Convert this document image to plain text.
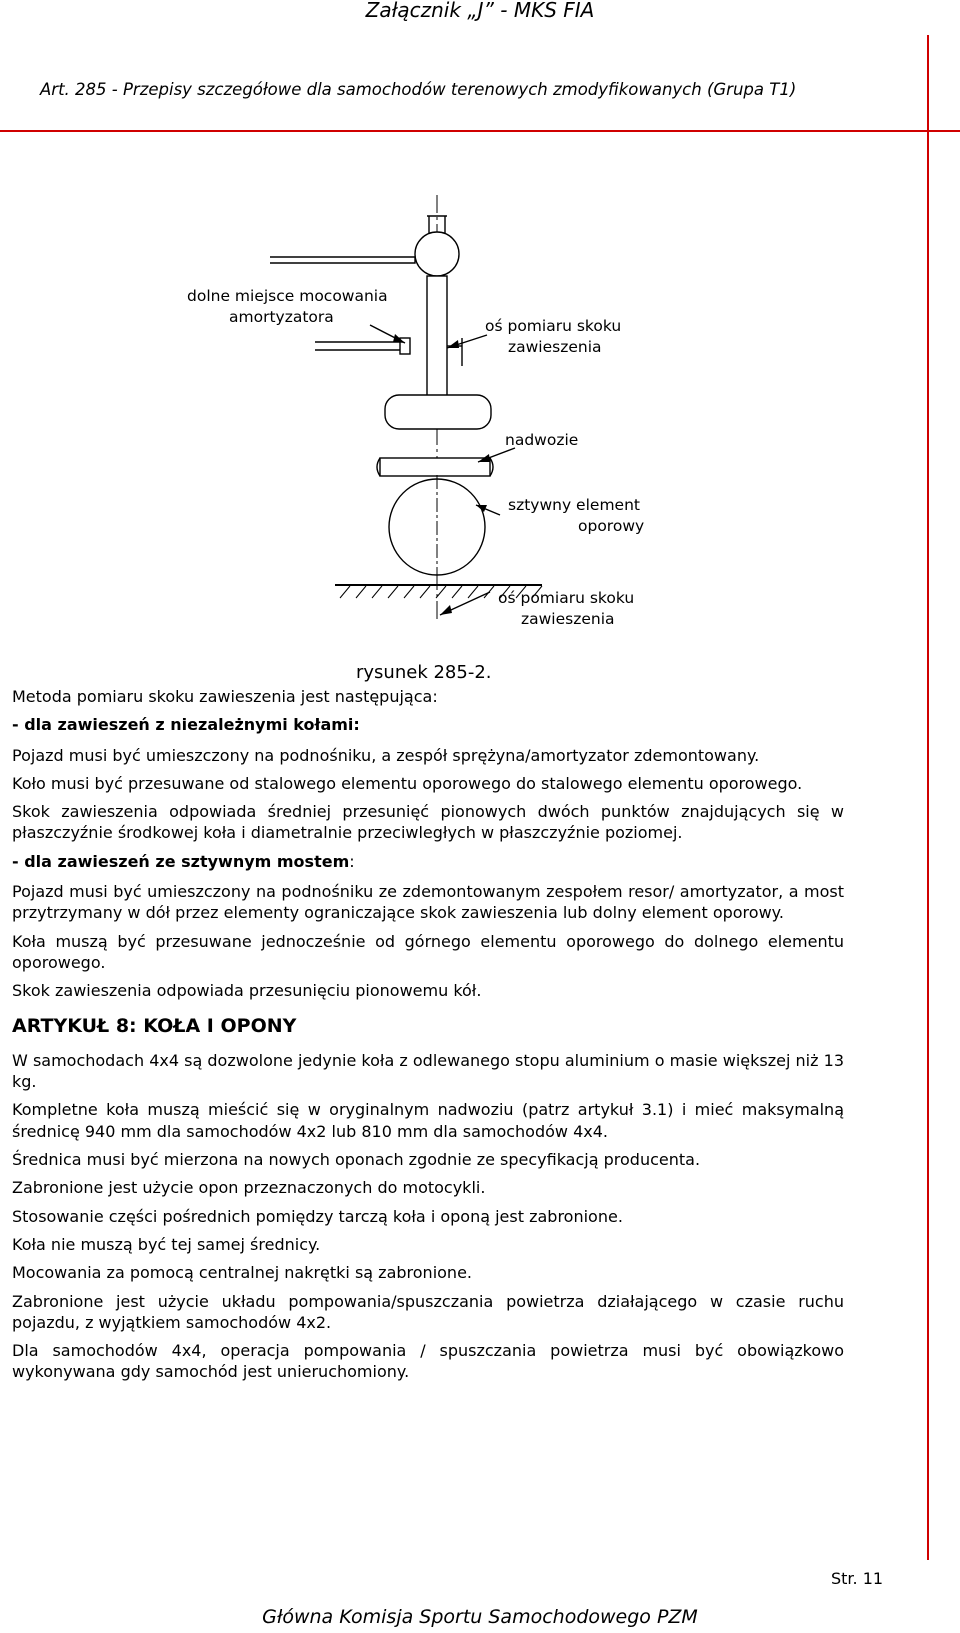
Załącznik „J” - MKS FIA
Art. 285 - Przepisy szczegółowe dla samochodów terenowych zmodyfikowanych (Grupa T1)
dolne miejsce mocowania
amortyzatora	oś pomiaru skoku
zawieszenia
nadwozie
sztywny element
oporowy
oś pomiaru skoku
zawieszenia
rysunek 285-2.

Metoda pomiaru skoku zawieszenia jest następująca:

- dla zawieszeń z niezależnymi kołami:

Pojazd musi być umieszczony na podnośniku, a zespół sprężyna/amortyzator zdemontowany.

Koło musi być przesuwane od stalowego elementu oporowego do stalowego elementu oporowego.

Skok zawieszenia odpowiada średniej przesunięć pionowych dwóch punktów znajdujących się w płaszczyźnie środkowej koła i diametralnie przeciwległych w płaszczyźnie poziomej.

- dla zawieszeń ze sztywnym mostem:

Pojazd musi być umieszczony na podnośniku ze zdemontowanym zespołem resor/ amortyzator, a most przytrzymany w dół przez elementy ograniczające skok zawieszenia lub dolny element oporowy.

Koła muszą być przesuwane jednocześnie od górnego elementu oporowego do dolnego elementu oporowego.

Skok zawieszenia odpowiada przesunięciu pionowemu kół.

ARTYKUŁ 8: KOŁA I OPONY

W samochodach 4x4 są dozwolone jedynie koła z odlewanego stopu aluminium o masie większej niż 13 kg.

Kompletne koła muszą mieścić się w oryginalnym nadwoziu (patrz artykuł 3.1) i mieć maksymalną średnicę 940 mm dla samochodów 4x2 lub 810 mm dla samochodów 4x4.

Średnica musi być mierzona na nowych oponach zgodnie ze specyfikacją producenta.

Zabronione jest użycie opon przeznaczonych do motocykli.

Stosowanie części pośrednich pomiędzy tarczą koła i oponą jest zabronione.

Koła nie muszą być tej samej średnicy.

Mocowania za pomocą centralnej nakrętki są zabronione.

Zabronione jest użycie układu pompowania/spuszczania powietrza działającego w czasie ruchu pojazdu, z wyjątkiem samochodów 4x2.

Dla samochodów 4x4, operacja pompowania / spuszczania powietrza musi być obowiązkowo wykonywana gdy samochód jest unieruchomiony.

Str. 11
Główna Komisja Sportu Samochodowego PZM
